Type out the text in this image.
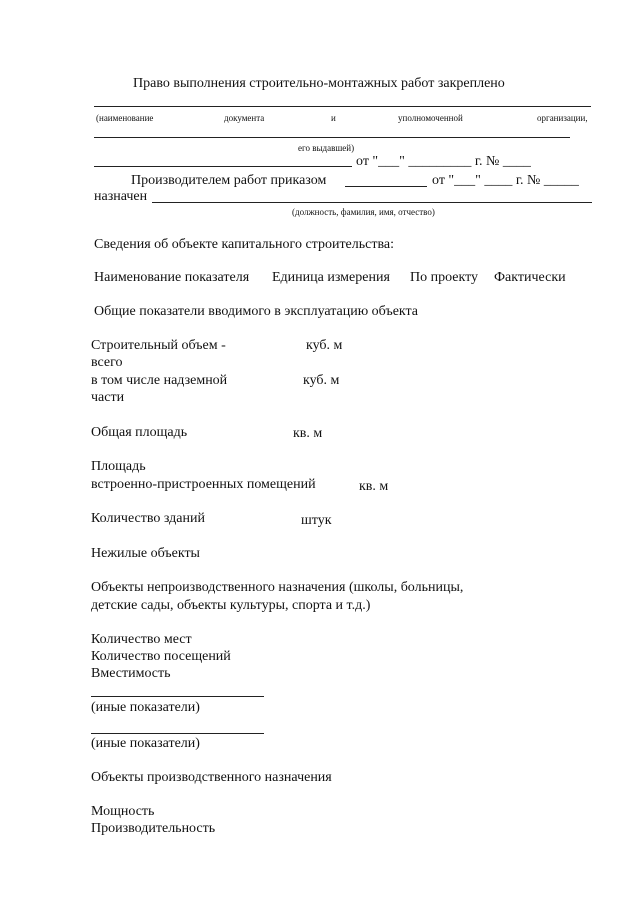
Право выполнения строительно-монтажных работ закреплено
(наименование	документа	и	уполномоченной	организации,
его выдавшей)
от "___" _________ г. № ____
Производителем работ приказом	от "___" ____ г. № _____
назначен
(должность, фамилия, имя, отчество)
Сведения об объекте капитального строительства:
Наименование показателя Единица измерения По проекту Фактически
Общие показатели вводимого в эксплуатацию объекта
Строительный объем -	куб. м
всего
в том числе надземной	куб. м
части
Общая площадь	кв. м
Площадь
встроенно-пристроенных помещений	кв. м
Количество зданий	штук
Нежилые объекты
Объекты непроизводственного назначения (школы, больницы,
детские сады, объекты культуры, спорта и т.д.)
Количество мест
Количество посещений
Вместимость
(иные показатели)
(иные показатели)
Объекты производственного назначения
Мощность
Производительность
